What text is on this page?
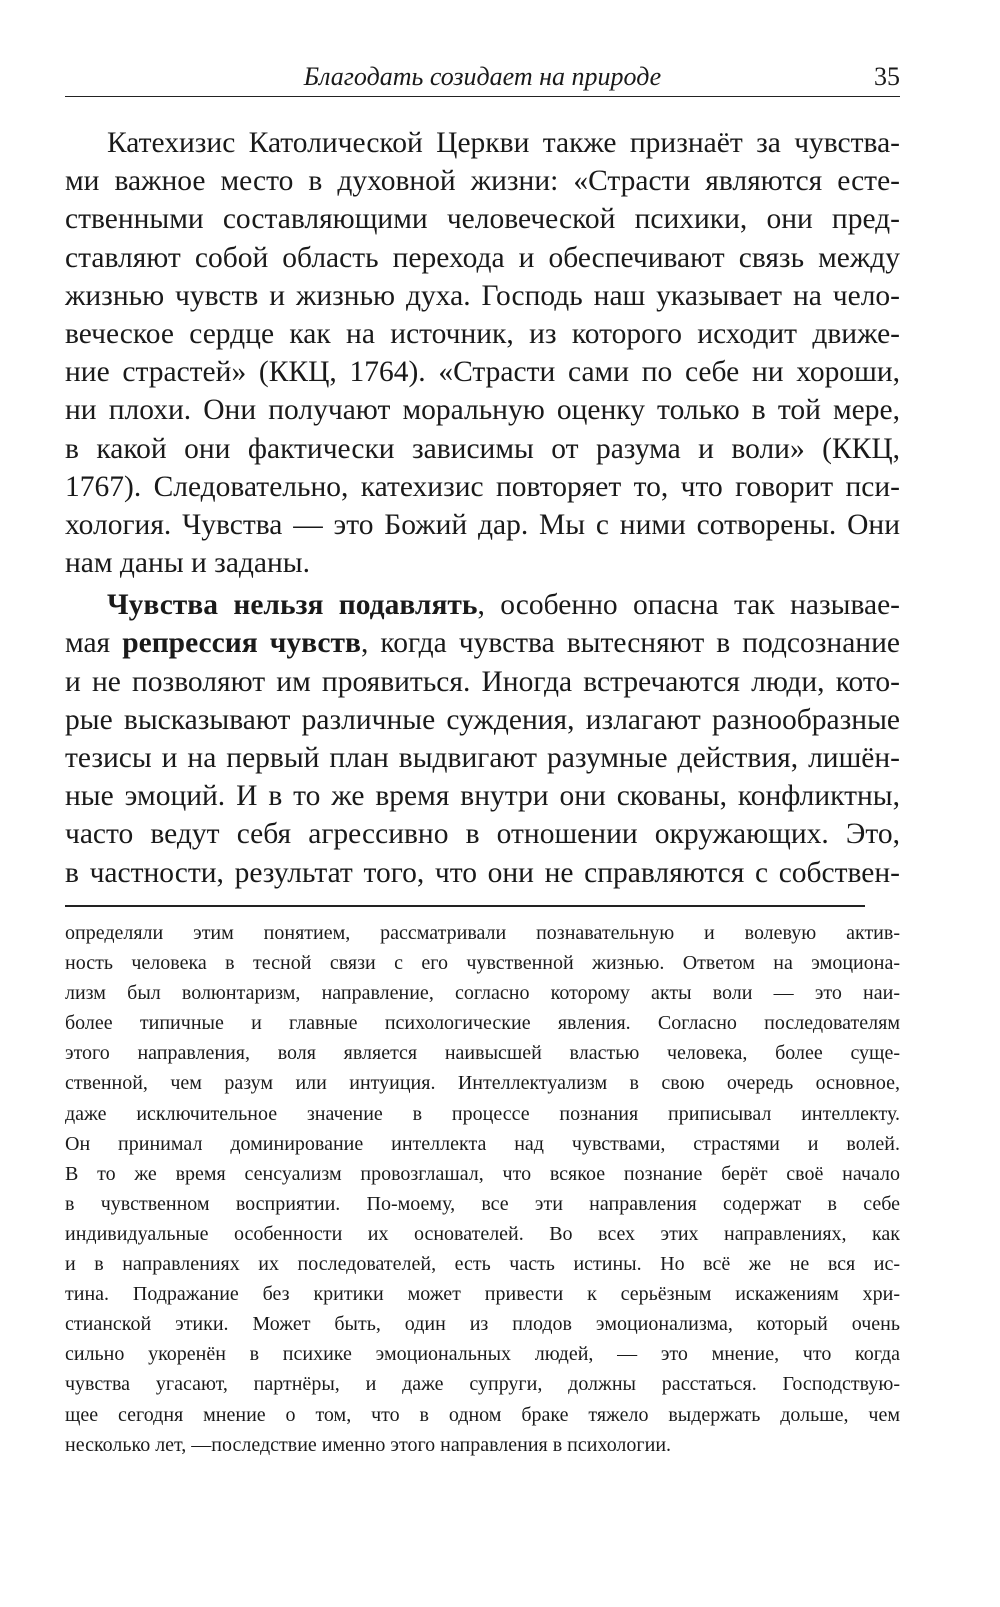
Благодать созидает на природе	35
Катехизис Католической Церкви также признаёт за чувства-
ми важное место в духовной жизни: «Страсти являются есте-
ственными составляющими человеческой психики, они пред-
ставляют собой область перехода и обеспечивают связь между
жизнью чувств и жизнью духа. Господь наш указывает на чело-
веческое сердце как на источник, из которого исходит движе-
ние страстей» (ККЦ, 1764). «Страсти сами по себе ни хороши,
ни плохи. Они получают моральную оценку только в той мере,
в какой они фактически зависимы от разума и воли» (ККЦ,
1767). Следовательно, катехизис повторяет то, что говорит пси-
хология. Чувства — это Божий дар. Мы с ними сотворены. Они
нам даны и заданы.
Чувства нельзя подавлять, особенно опасна так называе-
мая репрессия чувств, когда чувства вытесняют в подсознание
и не позволяют им проявиться. Иногда встречаются люди, кото-
рые высказывают различные суждения, излагают разнообразные
тезисы и на первый план выдвигают разумные действия, лишён-
ные эмоций. И в то же время внутри они скованы, конфликтны,
часто ведут себя агрессивно в отношении окружающих. Это,
в частности, результат того, что они не справляются с собствен-
определяли этим понятием, рассматривали познавательную и волевую актив-
ность человека в тесной связи с его чувственной жизнью. Ответом на эмоциона-
лизм был волюнтаризм, направление, согласно которому акты воли — это наи-
более типичные и главные психологические явления. Согласно последователям
этого направления, воля является наивысшей властью человека, более суще-
ственной, чем разум или интуиция. Интеллектуализм в свою очередь основное,
даже исключительное значение в процессе познания приписывал интеллекту.
Он принимал доминирование интеллекта над чувствами, страстями и волей.
В то же время сенсуализм провозглашал, что всякое познание берёт своё начало
в чувственном восприятии. По-моему, все эти направления содержат в себе
индивидуальные особенности их основателей. Во всех этих направлениях, как
и в направлениях их последователей, есть часть истины. Но всё же не вся ис-
тина. Подражание без критики может привести к серьёзным искажениям хри-
стианской этики. Может быть, один из плодов эмоционализма, который очень
сильно укоренён в психике эмоциональных людей, — это мнение, что когда
чувства угасают, партнёры, и даже супруги, должны расстаться. Господствую-
щее сегодня мнение о том, что в одном браке тяжело выдержать дольше, чем
несколько лет, —последствие именно этого направления в психологии.
